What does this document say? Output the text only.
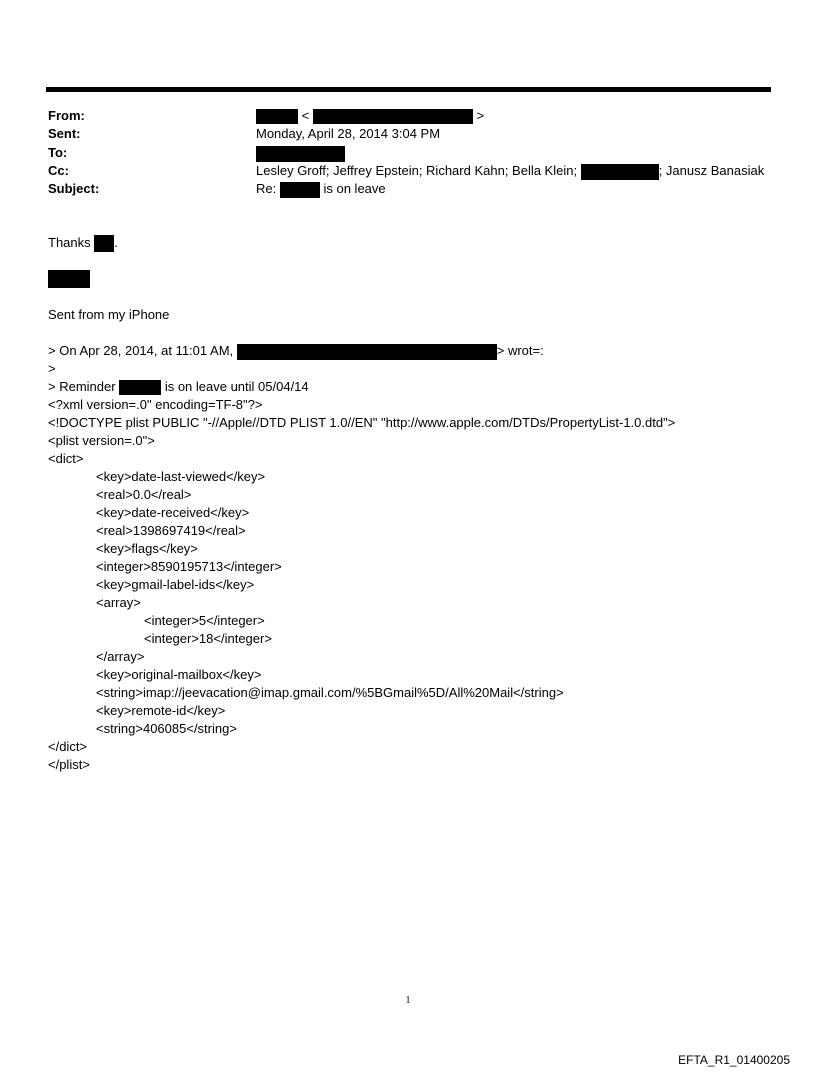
From:	<	>
Sent:	Monday, April 28, 2014 3:04 PM
To:
Cc:	Lesley Groff; Jeffrey Epstein; Richard Kahn; Bella Klein;	; Janusz Banasiak
Subject:	Re:	is on leave
Thanks .
Sent from my iPhone
> On Apr 28, 2014, at 11:01 AM,	> wrot=:
>
> Reminder	is on leave until 05/04/14
<?xml version=.0" encoding=TF-8"?>
<!DOCTYPE plist PUBLIC "-//Apple//DTD PLIST 1.0//EN" "http://www.apple.com/DTDs/PropertyList-1.0.dtd">
<plist version=.0">
<dict>
<key>date-last-viewed</key>
<real>0.0</real>
<key>date-received</key>
<real>1398697419</real>
<key>flags</key>
<integer>8590195713</integer>
<key>gmail-label-ids</key>
<array>
<integer>5</integer>
<integer>18</integer>
</array>
<key>original-mailbox</key>
<string>imap://jeevacation@imap.gmail.com/%5BGmail%5D/All%20Mail</string>
<key>remote-id</key>
<string>406085</string>
</dict>
</plist>
1
EFTA_R1_01400205
